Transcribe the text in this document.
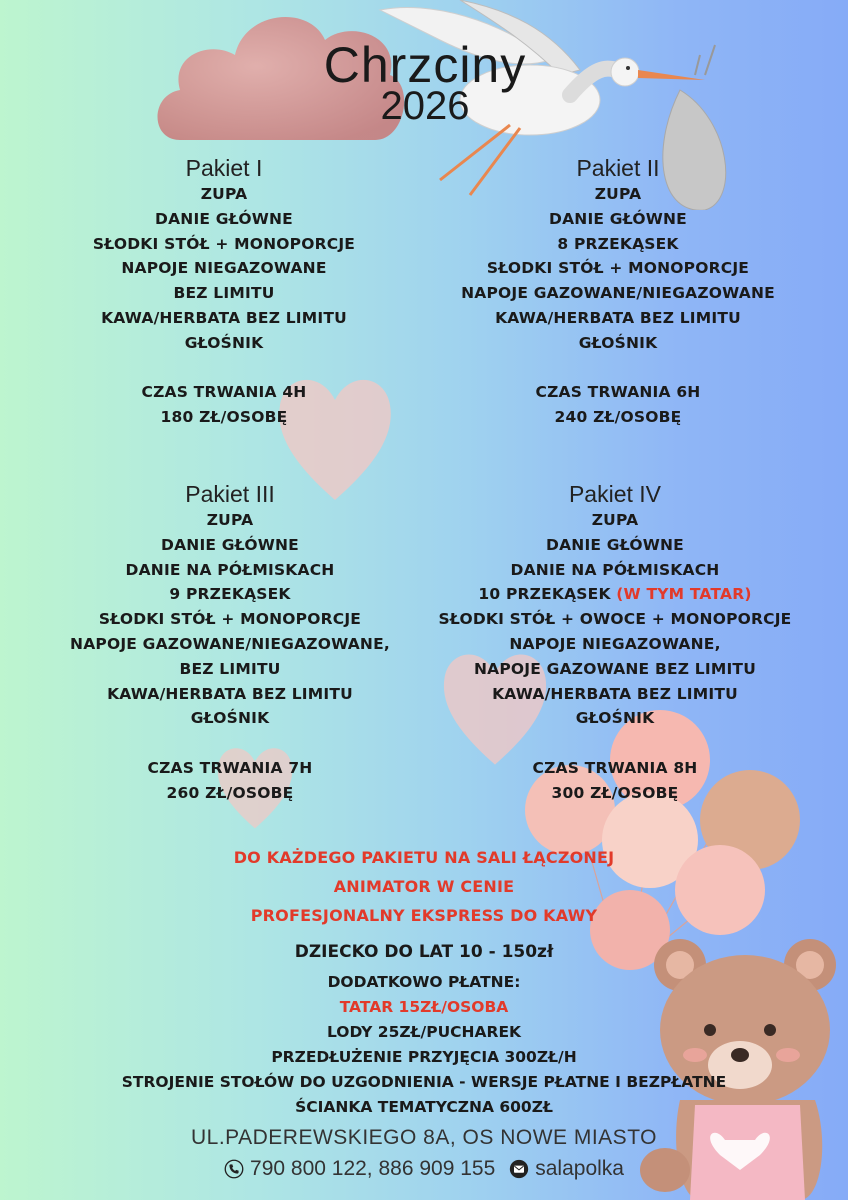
Chrzciny
2026
Pakiet I
ZUPA
DANIE GŁÓWNE
SŁODKI STÓŁ + MONOPORCJE
NAPOJE NIEGAZOWANE
BEZ LIMITU
KAWA/HERBATA BEZ LIMITU
GŁOŚNIK
CZAS TRWANIA 4H
180 ZŁ/OSOBĘ
Pakiet II
ZUPA
DANIE GŁÓWNE
8 PRZEKĄSEK
SŁODKI STÓŁ + MONOPORCJE
NAPOJE GAZOWANE/NIEGAZOWANE
KAWA/HERBATA BEZ LIMITU
GŁOŚNIK
CZAS TRWANIA 6H
240 ZŁ/OSOBĘ
Pakiet III
ZUPA
DANIE GŁÓWNE
DANIE NA PÓŁMISKACH
9 PRZEKĄSEK
SŁODKI STÓŁ + MONOPORCJE
NAPOJE GAZOWANE/NIEGAZOWANE,
BEZ LIMITU
KAWA/HERBATA BEZ LIMITU
GŁOŚNIK
CZAS TRWANIA 7H
260 ZŁ/OSOBĘ
Pakiet IV
ZUPA
DANIE GŁÓWNE
DANIE NA PÓŁMISKACH
10 PRZEKĄSEK (W TYM TATAR)
SŁODKI STÓŁ + OWOCE + MONOPORCJE
NAPOJE NIEGAZOWANE,
NAPOJE GAZOWANE BEZ LIMITU
KAWA/HERBATA BEZ LIMITU
GŁOŚNIK
CZAS TRWANIA 8H
300 ZŁ/OSOBĘ
DO KAŻDEGO PAKIETU NA SALI ŁĄCZONEJ
ANIMATOR W CENIE
PROFESJONALNY EKSPRESS DO KAWY
DZIECKO DO LAT 10 - 150zł
DODATKOWO PŁATNE:
TATAR 15ZŁ/OSOBA
LODY 25ZŁ/PUCHAREK
PRZEDŁUŻENIE PRZYJĘCIA 300ZŁ/H
STROJENIE STOŁÓW DO UZGODNIENIA - WERSJE PŁATNE I BEZPŁATNE
ŚCIANKA TEMATYCZNA 600ZŁ
UL.PADEREWSKIEGO 8A, OS NOWE MIASTO
790 800 122, 886 909 155 salapolka
